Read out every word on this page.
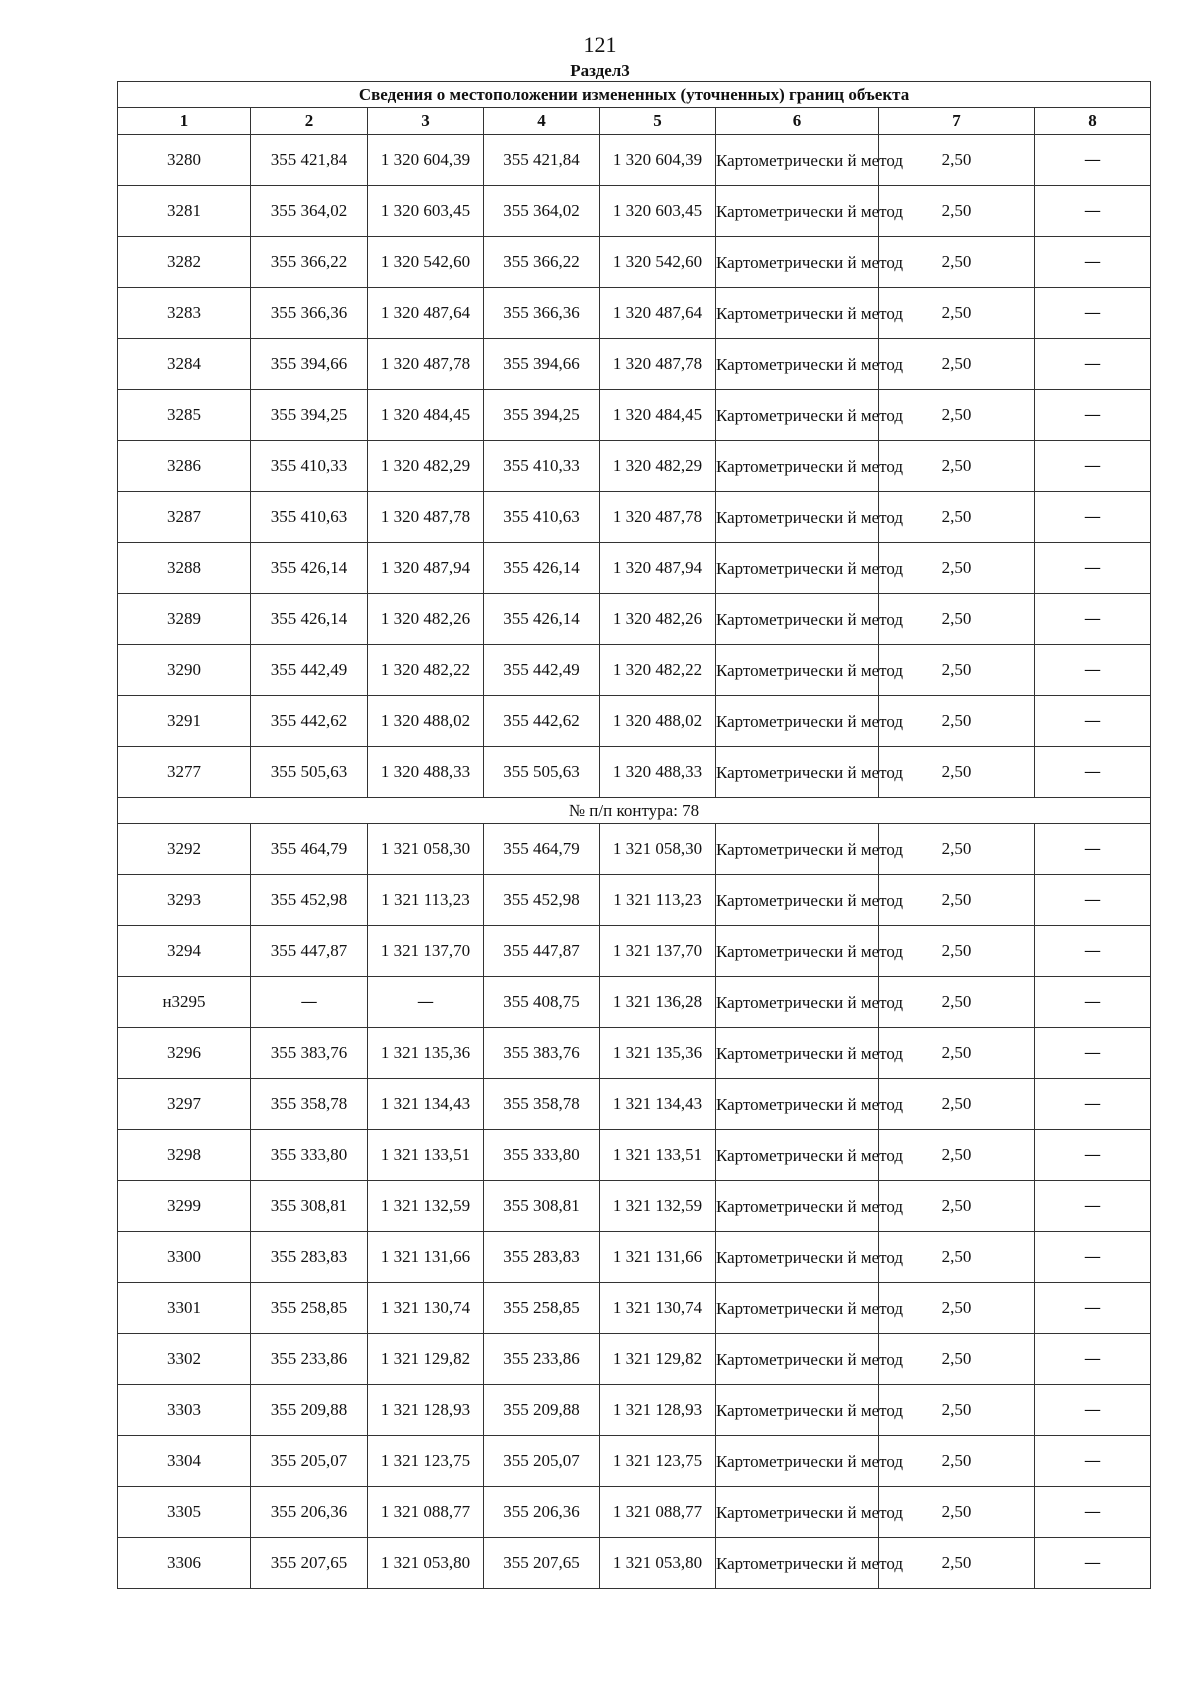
121
Раздел3
Сведения о местоположении измененных (уточненных) границ объекта							
1	2	3	4	5	6	7	8
3280	355 421,84	1 320 604,39	355 421,84	1 320 604,39	Картометрически й метод	2,50	—
3281	355 364,02	1 320 603,45	355 364,02	1 320 603,45	Картометрически й метод	2,50	—
3282	355 366,22	1 320 542,60	355 366,22	1 320 542,60	Картометрически й метод	2,50	—
3283	355 366,36	1 320 487,64	355 366,36	1 320 487,64	Картометрически й метод	2,50	—
3284	355 394,66	1 320 487,78	355 394,66	1 320 487,78	Картометрически й метод	2,50	—
3285	355 394,25	1 320 484,45	355 394,25	1 320 484,45	Картометрически й метод	2,50	—
3286	355 410,33	1 320 482,29	355 410,33	1 320 482,29	Картометрически й метод	2,50	—
3287	355 410,63	1 320 487,78	355 410,63	1 320 487,78	Картометрически й метод	2,50	—
3288	355 426,14	1 320 487,94	355 426,14	1 320 487,94	Картометрически й метод	2,50	—
3289	355 426,14	1 320 482,26	355 426,14	1 320 482,26	Картометрически й метод	2,50	—
3290	355 442,49	1 320 482,22	355 442,49	1 320 482,22	Картометрически й метод	2,50	—
3291	355 442,62	1 320 488,02	355 442,62	1 320 488,02	Картометрически й метод	2,50	—
3277	355 505,63	1 320 488,33	355 505,63	1 320 488,33	Картометрически й метод	2,50	—
№ п/п контура: 78							
3292	355 464,79	1 321 058,30	355 464,79	1 321 058,30	Картометрически й метод	2,50	—
3293	355 452,98	1 321 113,23	355 452,98	1 321 113,23	Картометрически й метод	2,50	—
3294	355 447,87	1 321 137,70	355 447,87	1 321 137,70	Картометрически й метод	2,50	—
н3295	—	—	355 408,75	1 321 136,28	Картометрически й метод	2,50	—
3296	355 383,76	1 321 135,36	355 383,76	1 321 135,36	Картометрически й метод	2,50	—
3297	355 358,78	1 321 134,43	355 358,78	1 321 134,43	Картометрически й метод	2,50	—
3298	355 333,80	1 321 133,51	355 333,80	1 321 133,51	Картометрически й метод	2,50	—
3299	355 308,81	1 321 132,59	355 308,81	1 321 132,59	Картометрически й метод	2,50	—
3300	355 283,83	1 321 131,66	355 283,83	1 321 131,66	Картометрически й метод	2,50	—
3301	355 258,85	1 321 130,74	355 258,85	1 321 130,74	Картометрически й метод	2,50	—
3302	355 233,86	1 321 129,82	355 233,86	1 321 129,82	Картометрически й метод	2,50	—
3303	355 209,88	1 321 128,93	355 209,88	1 321 128,93	Картометрически й метод	2,50	—
3304	355 205,07	1 321 123,75	355 205,07	1 321 123,75	Картометрически й метод	2,50	—
3305	355 206,36	1 321 088,77	355 206,36	1 321 088,77	Картометрически й метод	2,50	—
3306	355 207,65	1 321 053,80	355 207,65	1 321 053,80	Картометрически й метод	2,50	—
